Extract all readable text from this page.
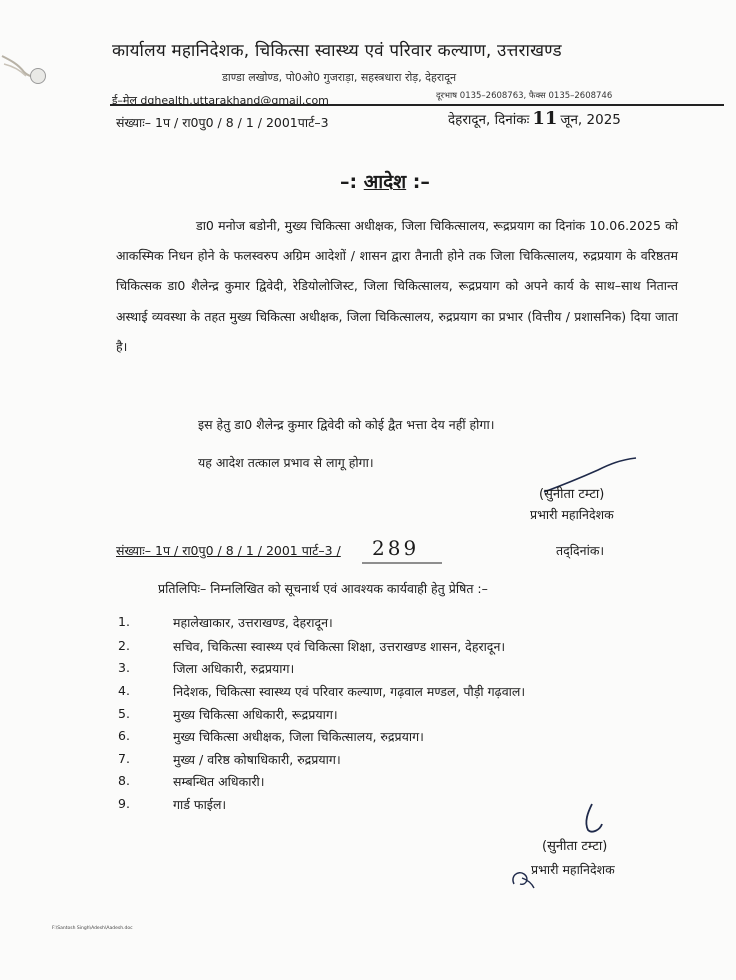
कार्यालय महानिदेशक, चिकित्सा स्वास्थ्य एवं परिवार कल्याण, उत्तराखण्ड
डाण्डा लखोण्ड, पो0ओ0 गुजराड़ा, सहस्त्रधारा रोड़, देहरादून
ई–मेल dghealth.uttarakhand@gmail.com	दूरभाष 0135–2608763, फैक्स 0135–2608746
संख्याः– 1प / रा0पु0 / 8 / 1 / 2001पार्ट–3	देहरादून, दिनांकः 11 जून, 2025
–: आदेश :–
डा0 मनोज बडोनी, मुख्य चिकित्सा अधीक्षक, जिला चिकित्सालय, रूद्रप्रयाग का दिनांक 10.06.2025 को आकस्मिक निधन होने के फलस्वरुप अग्रिम आदेशों / शासन द्वारा तैनाती होने तक जिला चिकित्सालय, रुद्रप्रयाग के वरिष्ठतम चिकित्सक डा0 शैलेन्द्र कुमार द्विवेदी, रेडियोलोजिस्ट, जिला चिकित्सालय, रूद्रप्रयाग को अपने कार्य के साथ–साथ नितान्त अस्थाई व्यवस्था के तहत मुख्य चिकित्सा अधीक्षक, जिला चिकित्सालय, रुद्रप्रयाग का प्रभार (वित्तीय / प्रशासनिक) दिया जाता है।
इस हेतु डा0 शैलेन्द्र कुमार द्विवेदी को कोई द्वैत भत्ता देय नहीं होगा।
यह आदेश तत्काल प्रभाव से लागू होगा।
(सुनीता टम्टा)
प्रभारी महानिदेशक
संख्याः– 1प / रा0पु0 / 8 / 1 / 2001 पार्ट–3 / 289	तद्‌दिनांक।
प्रतिलिपिः– निम्नलिखित को सूचनार्थ एवं आवश्यक कार्यवाही हेतु प्रेषित :–
1.	महालेखाकार, उत्तराखण्ड, देहरादून।
2.	सचिव, चिकित्सा स्वास्थ्य एवं चिकित्सा शिक्षा, उत्तराखण्ड शासन, देहरादून।
3.	जिला अधिकारी, रुद्रप्रयाग।
4.	निदेशक, चिकित्सा स्वास्थ्य एवं परिवार कल्याण, गढ़वाल मण्डल, पौड़ी गढ़वाल।
5.	मुख्य चिकित्सा अधिकारी, रूद्रप्रयाग।
6.	मुख्य चिकित्सा अधीक्षक, जिला चिकित्सालय, रुद्रप्रयाग।
7.	मुख्य / वरिष्ठ कोषाधिकारी, रुद्रप्रयाग।
8.	सम्बन्धित अधिकारी।
9.	गार्ड फाईल।
(सुनीता टम्टा)
प्रभारी महानिदेशक
F:\Santosh Singh\Adesh\Aadesh.doc
